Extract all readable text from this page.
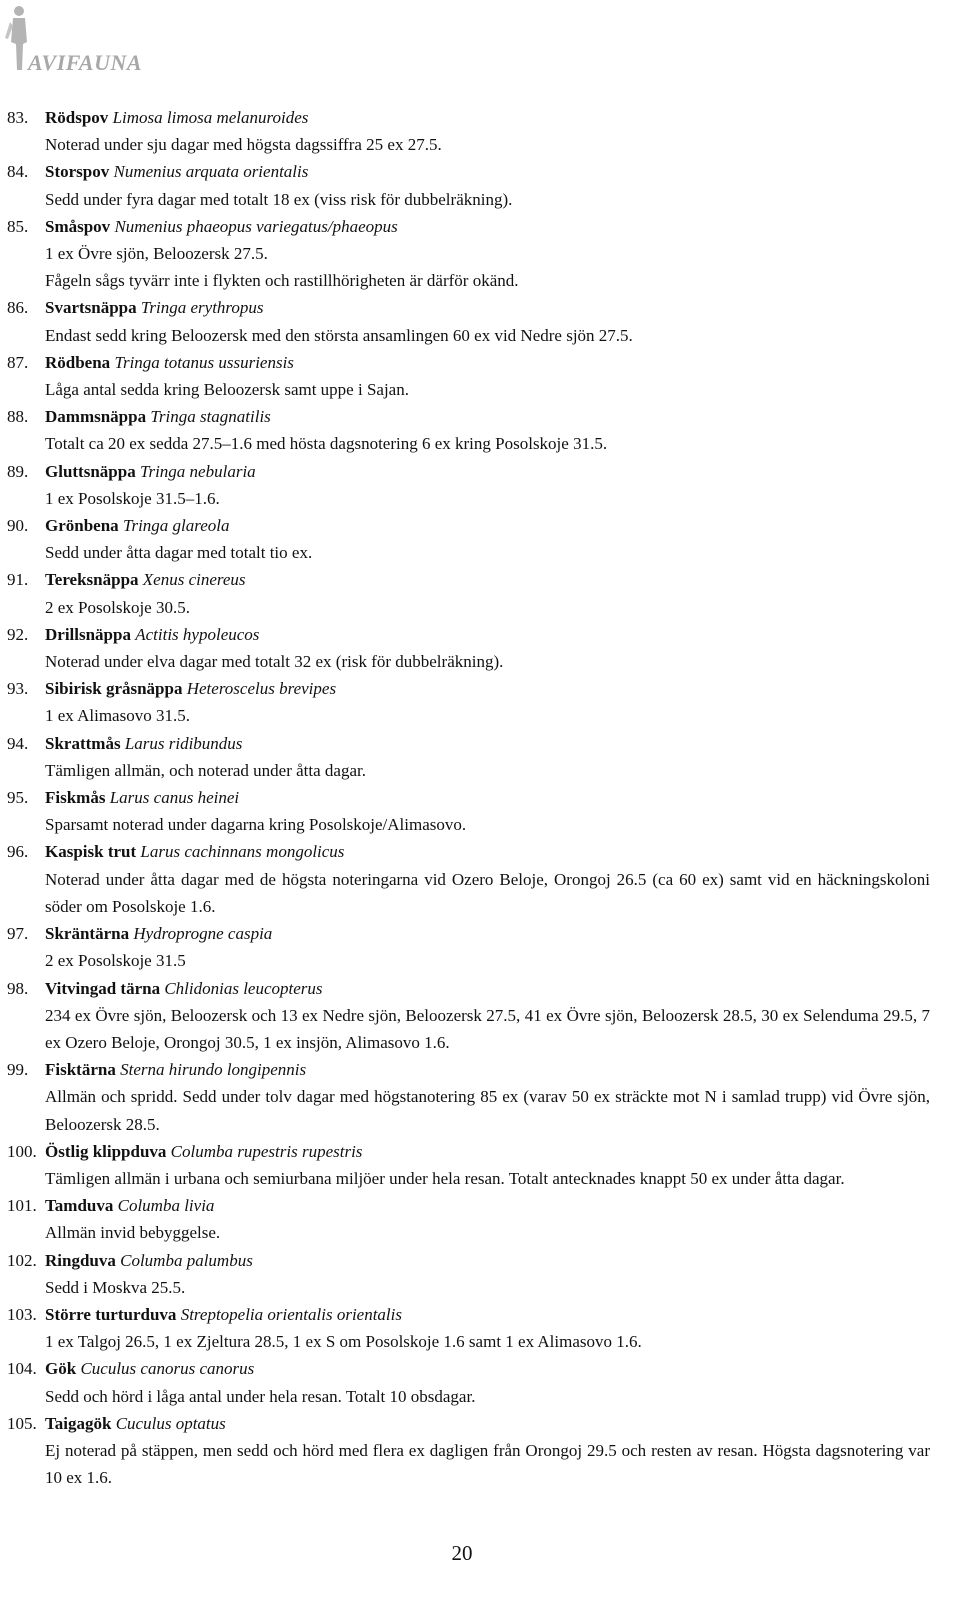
AVIFAUNA
83. Rödspov Limosa limosa melanuroides
Noterad under sju dagar med högsta dagssiffra 25 ex 27.5.
84. Storspov Numenius arquata orientalis
Sedd under fyra dagar med totalt 18 ex (viss risk för dubbelräkning).
85. Småspov Numenius phaeopus variegatus/phaeopus
1 ex Övre sjön, Beloozersk 27.5.
Fågeln sågs tyvärr inte i flykten och rastillhörigheten är därför okänd.
86. Svartsnäppa Tringa erythropus
Endast sedd kring Beloozersk med den största ansamlingen 60 ex vid Nedre sjön 27.5.
87. Rödbena Tringa totanus ussuriensis
Låga antal sedda kring Beloozersk samt uppe i Sajan.
88. Dammsnäppa Tringa stagnatilis
Totalt ca 20 ex sedda 27.5–1.6 med hösta dagsnotering 6 ex kring Posolskoje 31.5.
89. Gluttsnäppa Tringa nebularia
1 ex Posolskoje 31.5–1.6.
90. Grönbena Tringa glareola
Sedd under åtta dagar med totalt tio ex.
91. Tereksnäppa Xenus cinereus
2 ex Posolskoje 30.5.
92. Drillsnäppa Actitis hypoleucos
Noterad under elva dagar med totalt 32 ex (risk för dubbelräkning).
93. Sibirisk gråsnäppa Heteroscelus brevipes
1 ex Alimasovo 31.5.
94. Skrattmås Larus ridibundus
Tämligen allmän, och noterad under åtta dagar.
95. Fiskmås Larus canus heinei
Sparsamt noterad under dagarna kring Posolskoje/Alimasovo.
96. Kaspisk trut Larus cachinnans mongolicus
Noterad under åtta dagar med de högsta noteringarna vid Ozero Beloje, Orongoj 26.5 (ca 60 ex) samt vid en häckningskoloni söder om Posolskoje 1.6.
97. Skräntärna Hydroprogne caspia
2 ex Posolskoje 31.5
98. Vitvingad tärna Chlidonias leucopterus
234 ex Övre sjön, Beloozersk och 13 ex Nedre sjön, Beloozersk 27.5, 41 ex Övre sjön, Beloozersk 28.5, 30 ex Selenduma 29.5, 7 ex Ozero Beloje, Orongoj 30.5, 1 ex insjön, Alimasovo 1.6.
99. Fisktärna Sterna hirundo longipennis
Allmän och spridd. Sedd under tolv dagar med högstanotering 85 ex (varav 50 ex sträckte mot N i samlad trupp) vid Övre sjön, Beloozersk 28.5.
100. Östlig klippduva Columba rupestris rupestris
Tämligen allmän i urbana och semiurbana miljöer under hela resan. Totalt antecknades knappt 50 ex under åtta dagar.
101. Tamduva Columba livia
Allmän invid bebyggelse.
102. Ringduva Columba palumbus
Sedd i Moskva 25.5.
103. Större turturduva Streptopelia orientalis orientalis
1 ex Talgoj 26.5, 1 ex Zjeltura 28.5, 1 ex S om Posolskoje 1.6 samt 1 ex Alimasovo 1.6.
104. Gök Cuculus canorus canorus
Sedd och hörd i låga antal under hela resan. Totalt 10 obsdagar.
105. Taigagök Cuculus optatus
Ej noterad på stäppen, men sedd och hörd med flera ex dagligen från Orongoj 29.5 och resten av resan. Högsta dagsnotering var 10 ex 1.6.
20
